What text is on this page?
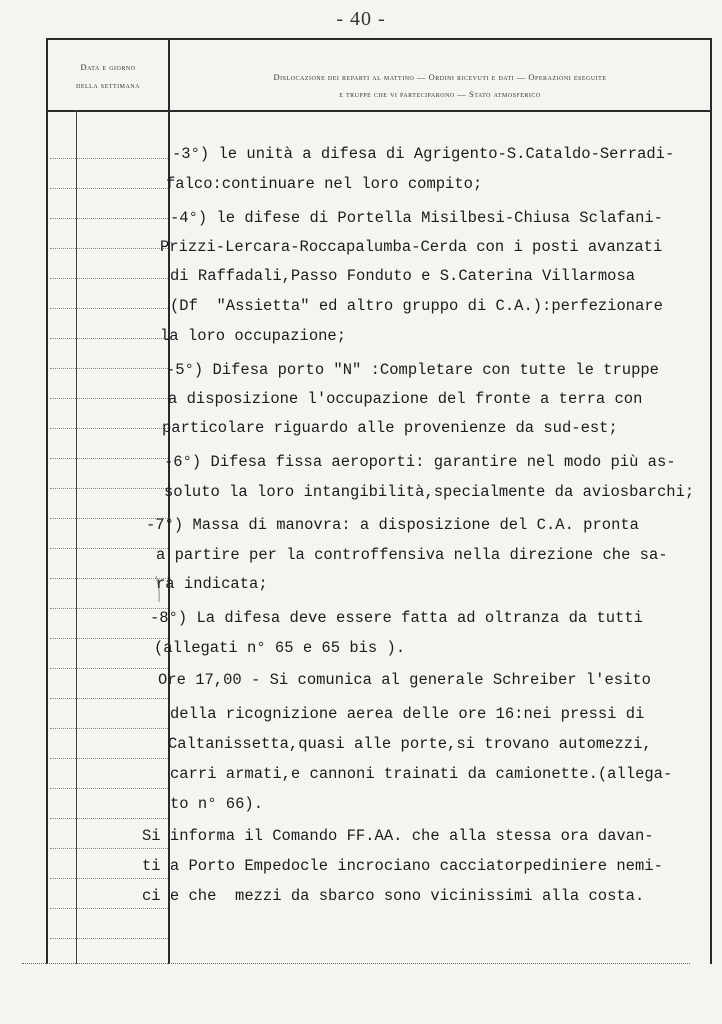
- 40 -
Data e giorno
della settimana
Dislocazione dei reparti al mattino — Ordini ricevuti e dati — Operazioni eseguite
e truppe che vi parteciparono — Stato atmosferico
-3°) le unità a difesa di Agrigento-S.Cataldo-Serradi-
falco:continuare nel loro compito;
-4°) le difese di Portella Misilbesi-Chiusa Sclafani-
Prizzi-Lercara-Roccapalumba-Cerda con i posti avanzati
di Raffadali,Passo Fonduto e S.Caterina Villarmosa
(Df  "Assietta" ed altro gruppo di C.A.):perfezionare
la loro occupazione;
-5°) Difesa porto "N" :Completare con tutte le truppe
a disposizione l'occupazione del fronte a terra con
particolare riguardo alle provenienze da sud-est;
-6°) Difesa fissa aeroporti: garantire nel modo più as-
soluto la loro intangibilità,specialmente da aviosbarchi;
-7°) Massa di manovra: a disposizione del C.A. pronta
a partire per la controffensiva nella direzione che sa-
rà indicata;
-8°) La difesa deve essere fatta ad oltranza da tutti
(allegati n° 65 e 65 bis ).
Ore 17,00 - Si comunica al generale Schreiber l'esito
della ricognizione aerea delle ore 16:nei pressi di
Caltanissetta,quasi alle porte,si trovano automezzi,
carri armati,e cannoni trainati da camionette.(allega-
to n° 66).
Si informa il Comando FF.AA. che alla stessa ora davan-
ti a Porto Empedocle incrociano cacciatorpediniere nemi-
ci e che  mezzi da sbarco sono vicinissimi alla costa.
